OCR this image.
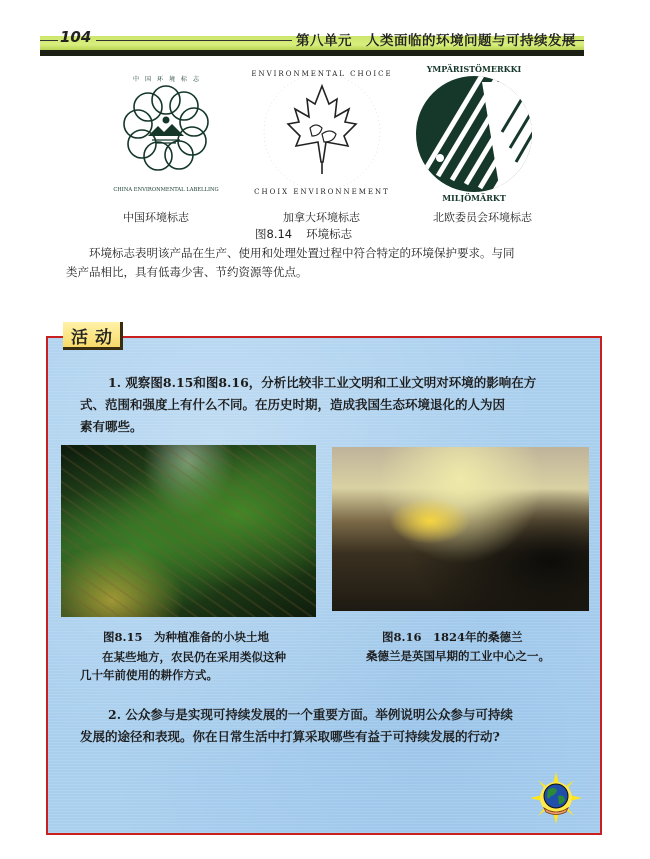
104	第八单元　人类面临的环境问题与可持续发展
中　国　环　境　标　志
CHINA ENVIRONMENTAL LABELLING
中国环境标志
ENVIRONMENTAL CHOICE
CHOIX ENVIRONNEMENT
加拿大环境标志
YMPÄRISTÖMERKKI
MILJÖMÄRKT
北欧委员会环境标志
图8.14 环境标志
　　环境标志表明该产品在生产、使用和处理处置过程中符合特定的环境保护要求。与同
类产品相比，具有低毒少害、节约资源等优点。
活动
1. 观察图8.15和图8.16，分析比较非工业文明和工业文明对环境的影响在方
式、范围和强度上有什么不同。在历史时期，造成我国生态环境退化的人为因
素有哪些。
图8.15　为种植准备的小块土地
在某些地方，农民仍在采用类似这种
几十年前使用的耕作方式。
图8.16　1824年的桑德兰
桑德兰是英国早期的工业中心之一。
2. 公众参与是实现可持续发展的一个重要方面。举例说明公众参与可持续
发展的途径和表现。你在日常生活中打算采取哪些有益于可持续发展的行动?
